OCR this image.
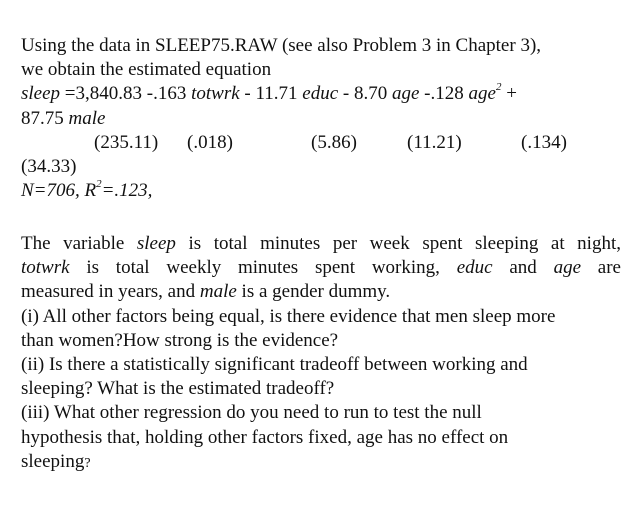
Using the data in SLEEP75.RAW (see also Problem 3 in Chapter 3),
we obtain the estimated equation
sleep =3,840.83 -.163 totwrk - 11.71 educ - 8.70 age -.128 age$^2$ +
87.75 male
(235.11) (.018)	(5.86)	(11.21)	(.134)
(34.33)
N=706, $R^2=.123$,
The variable sleep is total minutes per week spent sleeping at night,
totwrk is total weekly minutes spent working, educ and age are
measured in years, and male is a gender dummy.
(i) All other factors being equal, is there evidence that men sleep more
than women?How strong is the evidence?
(ii) Is there a statistically significant tradeoff between working and
sleeping? What is the estimated tradeoff?
(iii) What other regression do you need to run to test the null
hypothesis that, holding other factors fixed, age has no effect on
sleeping?
